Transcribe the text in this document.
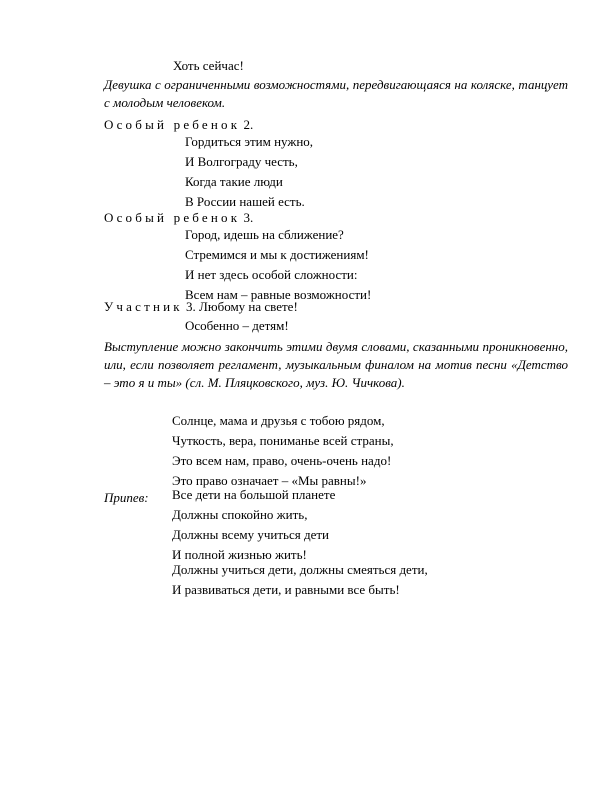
Хоть сейчас!
Девушка с ограниченными возможностями, передвигающаяся на коляске, танцует с молодым человеком.
Особый ребенок 2.
Гордиться этим нужно,
И Волгограду честь,
Когда такие люди
В России нашей есть.
Особый ребенок 3.
Город, идешь на сближение?
Стремимся и мы к достижениям!
И нет здесь особой сложности:
Всем нам – равные возможности!
Участник 3. Любому на свете!
Особенно – детям!
Выступление можно закончить этими двумя словами, сказанными проникновенно, или, если позволяет регламент, музыкальным финалом на мотив песни «Детство – это я и ты» (сл. М. Пляцковского, муз. Ю. Чичкова).
Солнце, мама и друзья с тобою рядом,
Чуткость, вера, пониманье всей страны,
Это всем нам, право, очень-очень надо!
Это право означает – «Мы равны!»
Припев: Все дети на большой планете
Должны спокойно жить,
Должны всему учиться дети
И полной жизнью жить!
Должны учиться дети, должны смеяться дети,
И развиваться дети, и равными все быть!
